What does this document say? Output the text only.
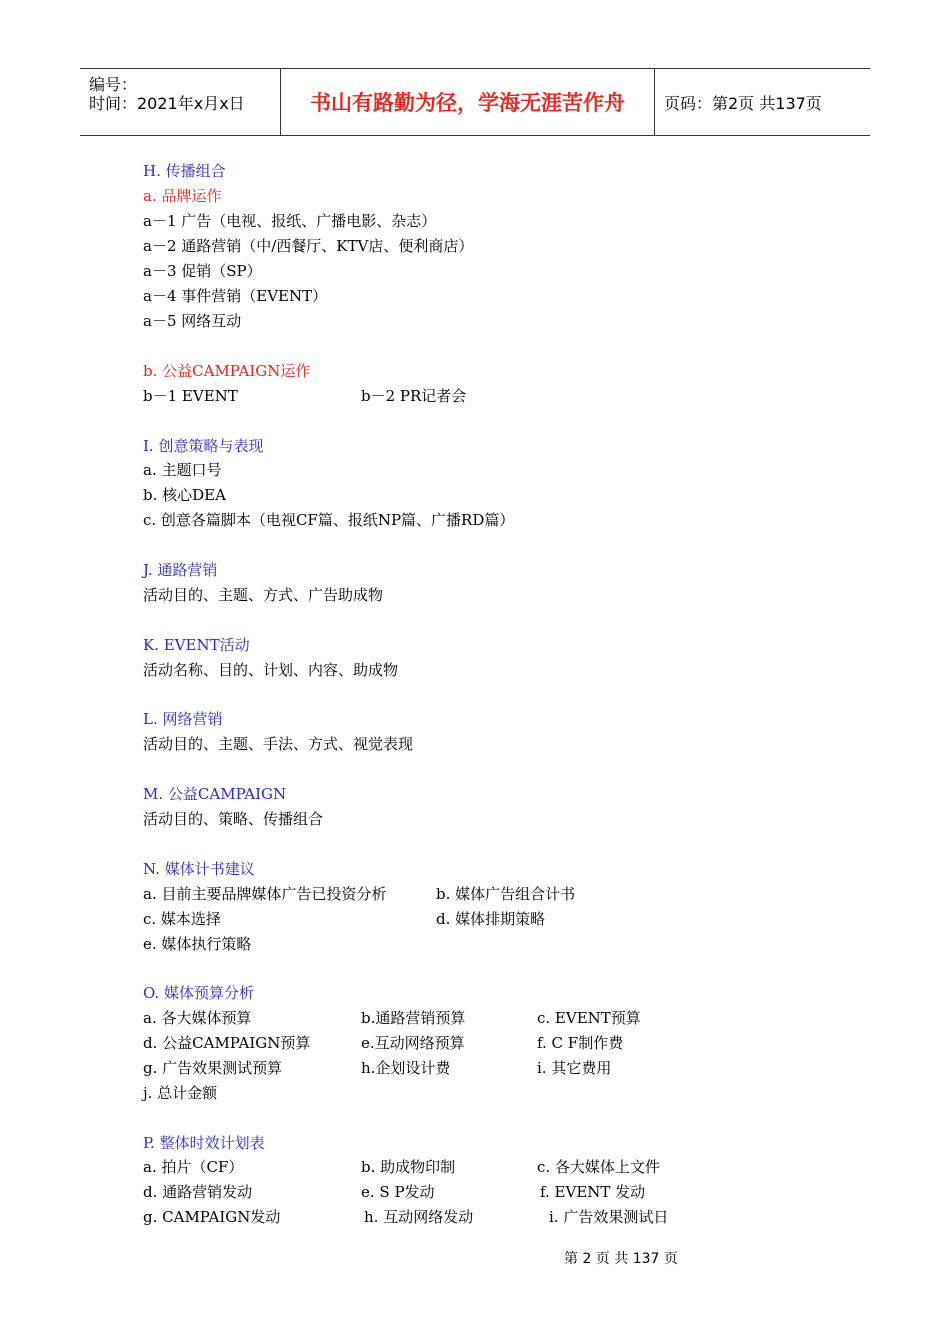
编号：
时间：2021年x月x日	书山有路勤为径，学海无涯苦作舟 页码：第2页 共137页
H. 传播组合
a. 品牌运作
a－1 广告（电视、报纸、广播电影、杂志）
a－2 通路营销（中/西餐厅、KTV店、便利商店）
a－3 促销（SP）
a－4 事件营销（EVENT）
a－5 网络互动
b. 公益CAMPAIGN运作
b－1 EVENT	b－2 PR记者会
I. 创意策略与表现
a. 主题口号
b. 核心DEA
c. 创意各篇脚本（电视CF篇、报纸NP篇、广播RD篇）
J. 通路营销
活动目的、主题、方式、广告助成物
K. EVENT活动
活动名称、目的、计划、内容、助成物
L. 网络营销
活动目的、主题、手法、方式、视觉表现
M. 公益CAMPAIGN
活动目的、策略、传播组合
N. 媒体计书建议
a. 目前主要品牌媒体广告已投资分析	b. 媒体广告组合计书
c. 媒本选择	d. 媒体排期策略
e. 媒体执行策略
O. 媒体预算分析
a. 各大媒体预算	b.通路营销预算	c. EVENT预算
d. 公益CAMPAIGN预算	e.互动网络预算	f. C F制作费
g. 广告效果测试预算	h.企划设计费	i. 其它费用
j. 总计金额
P. 整体时效计划表
a. 拍片（CF）	b. 助成物印制	c. 各大媒体上文件
d. 通路营销发动	e. S P发动	f. EVENT 发动
g. CAMPAIGN发动	h. 互动网络发动	i. 广告效果测试日
第 2 页 共 137 页
